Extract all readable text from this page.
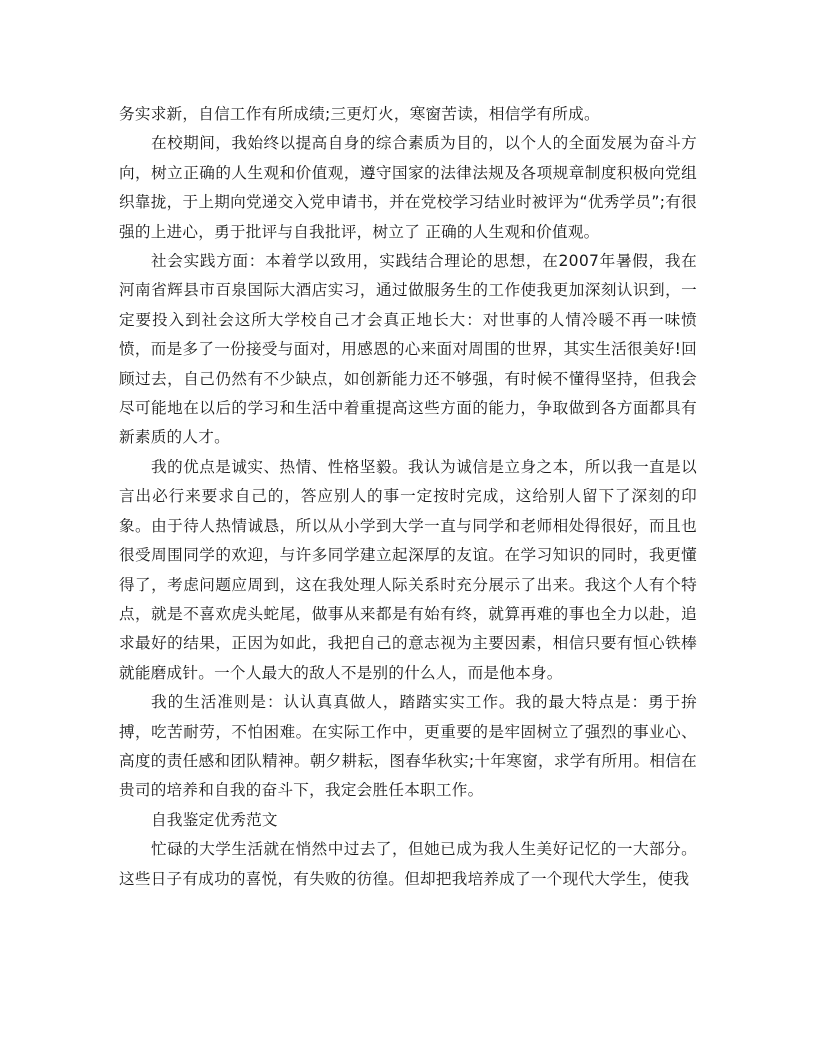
务实求新，自信工作有所成绩;三更灯火，寒窗苦读，相信学有所成。

在校期间，我始终以提高自身的综合素质为目的，以个人的全面发展为奋斗方向，树立正确的人生观和价值观，遵守国家的法律法规及各项规章制度积极向党组织靠拢，于上期向党递交入党申请书，并在党校学习结业时被评为“优秀学员”;有很强的上进心，勇于批评与自我批评，树立了 正确的人生观和价值观。

社会实践方面：本着学以致用，实践结合理论的思想，在2007年暑假，我在河南省辉县市百泉国际大酒店实习，通过做服务生的工作使我更加深刻认识到，一定要投入到社会这所大学校自己才会真正地长大：对世事的人情冷暖不再一味愤愤，而是多了一份接受与面对，用感恩的心来面对周围的世界，其实生活很美好!回顾过去，自己仍然有不少缺点，如创新能力还不够强，有时候不懂得坚持，但我会尽可能地在以后的学习和生活中着重提高这些方面的能力，争取做到各方面都具有新素质的人才。

我的优点是诚实、热情、性格坚毅。我认为诚信是立身之本，所以我一直是以言出必行来要求自己的，答应别人的事一定按时完成，这给别人留下了深刻的印象。由于待人热情诚恳，所以从小学到大学一直与同学和老师相处得很好，而且也很受周围同学的欢迎，与许多同学建立起深厚的友谊。在学习知识的同时，我更懂得了，考虑问题应周到，这在我处理人际关系时充分展示了出来。我这个人有个特点，就是不喜欢虎头蛇尾，做事从来都是有始有终，就算再难的事也全力以赴，追求最好的结果，正因为如此，我把自己的意志视为主要因素，相信只要有恒心铁棒就能磨成针。一个人最大的敌人不是别的什么人，而是他本身。

我的生活准则是：认认真真做人，踏踏实实工作。我的最大特点是：勇于拚搏，吃苦耐劳，不怕困难。在实际工作中，更重要的是牢固树立了强烈的事业心、高度的责任感和团队精神。朝夕耕耘，图春华秋实;十年寒窗，求学有所用。相信在贵司的培养和自我的奋斗下，我定会胜任本职工作。

自我鉴定优秀范文

忙碌的大学生活就在悄然中过去了，但她已成为我人生美好记忆的一大部分。这些日子有成功的喜悦，有失败的彷徨。但却把我培养成了一个现代大学生，使我
